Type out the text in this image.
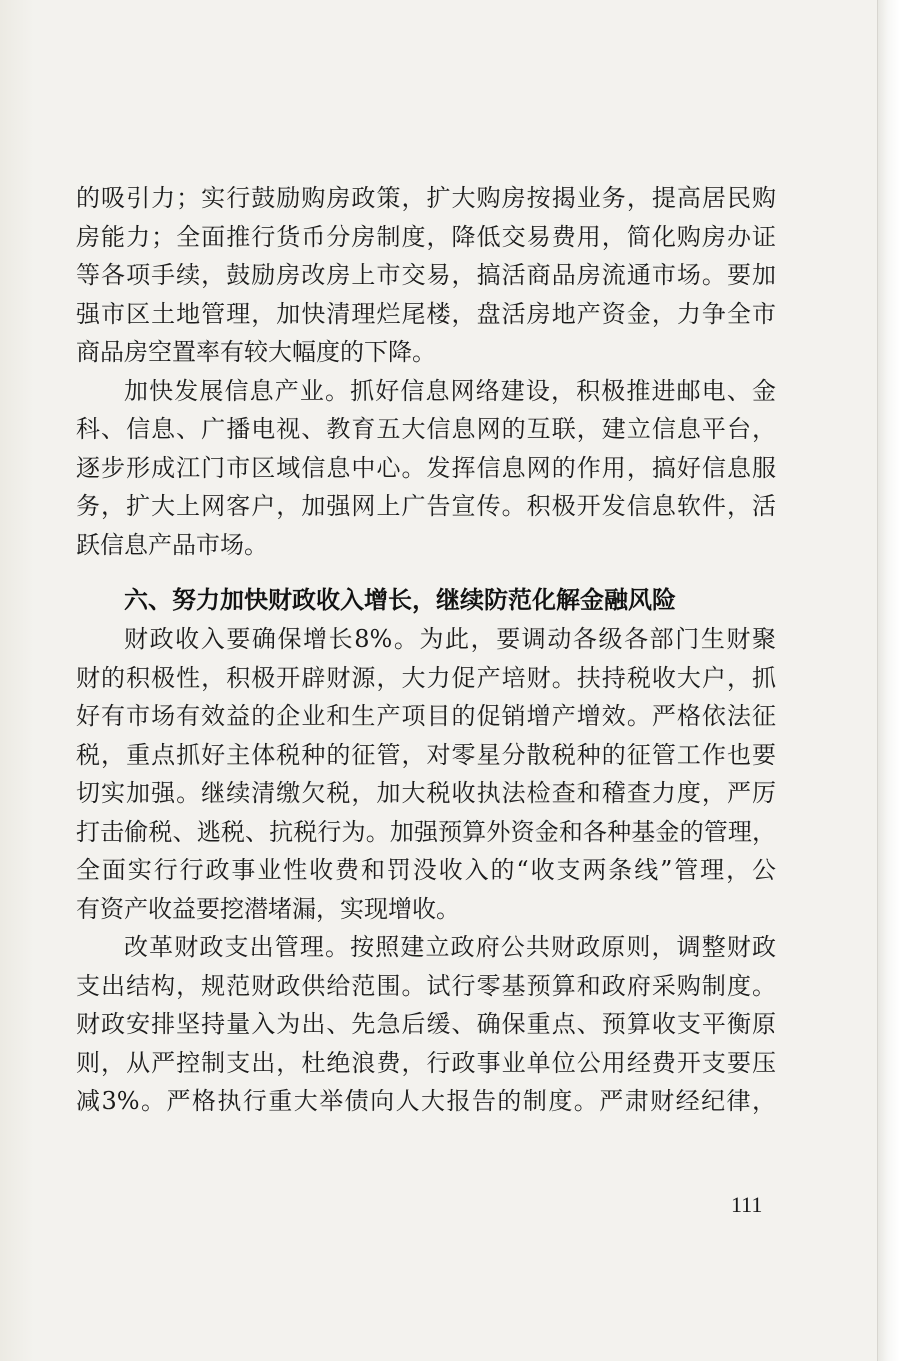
的吸引力；实行鼓励购房政策，扩大购房按揭业务，提高居民购
房能力；全面推行货币分房制度，降低交易费用，简化购房办证
等各项手续，鼓励房改房上市交易，搞活商品房流通市场。要加
强市区土地管理，加快清理烂尾楼，盘活房地产资金，力争全市
商品房空置率有较大幅度的下降。
加快发展信息产业。抓好信息网络建设，积极推进邮电、金
科、信息、广播电视、教育五大信息网的互联，建立信息平台，
逐步形成江门市区域信息中心。发挥信息网的作用，搞好信息服
务，扩大上网客户，加强网上广告宣传。积极开发信息软件，活
跃信息产品市场。
六、努力加快财政收入增长，继续防范化解金融风险
财政收入要确保增长8%。为此，要调动各级各部门生财聚
财的积极性，积极开辟财源，大力促产培财。扶持税收大户，抓
好有市场有效益的企业和生产项目的促销增产增效。严格依法征
税，重点抓好主体税种的征管，对零星分散税种的征管工作也要
切实加强。继续清缴欠税，加大税收执法检查和稽查力度，严厉
打击偷税、逃税、抗税行为。加强预算外资金和各种基金的管理，
全面实行行政事业性收费和罚没收入的“收支两条线”管理，公
有资产收益要挖潜堵漏，实现增收。
改革财政支出管理。按照建立政府公共财政原则，调整财政
支出结构，规范财政供给范围。试行零基预算和政府采购制度。
财政安排坚持量入为出、先急后缓、确保重点、预算收支平衡原
则，从严控制支出，杜绝浪费，行政事业单位公用经费开支要压
减3%。严格执行重大举债向人大报告的制度。严肃财经纪律，
111
